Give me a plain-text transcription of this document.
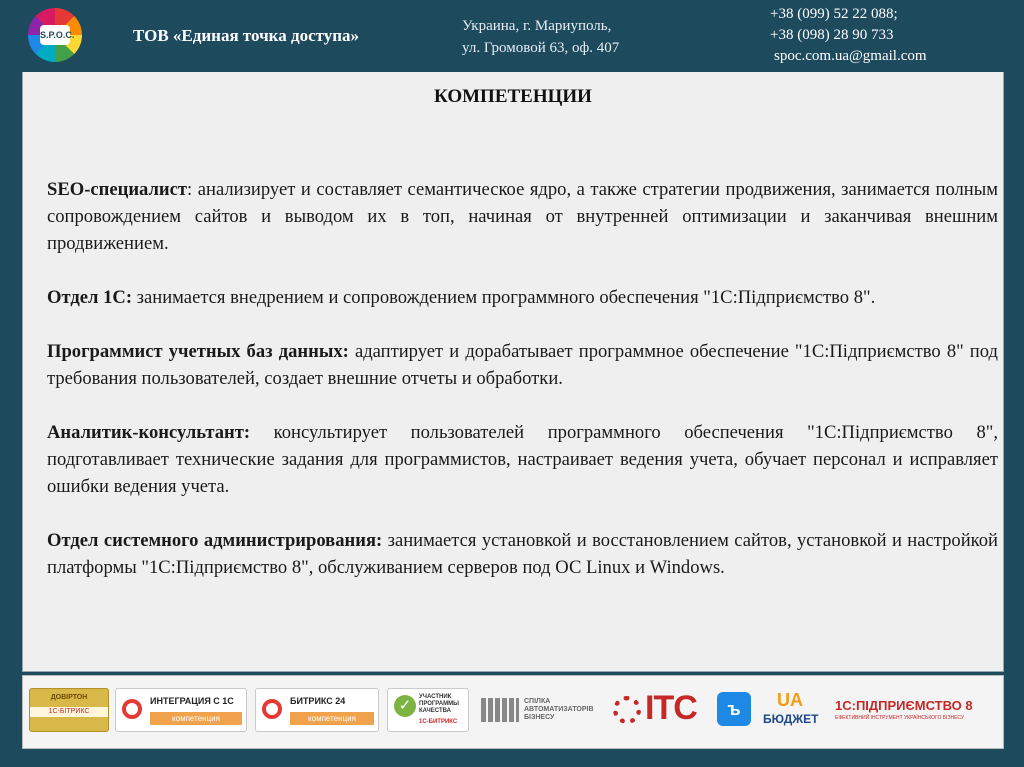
S.P.O.C.	ТОВ «Единая точка доступа»	Украина, г. Мариуполь,
ул. Громовой 63, оф. 407
+38 (099) 52 22 088;
+38 (098) 28 90 733
spoc.com.ua@gmail.com
КОМПЕТЕНЦИИ

SEO-специалист: анализирует и составляет семантическое ядро, а также стратегии продвижения, занимается полным сопровождением сайтов и выводом их в топ, начиная от внутренней оптимизации и заканчивая внешним продвижением.

Отдел 1С: занимается внедрением и сопровождением программного обеспечения "1С:Підприємство 8".

Программист учетных баз данных: адаптирует и дорабатывает программное обеспечение "1С:Підприємство 8" под требования пользователей, создает внешние отчеты и обработки.

Аналитик-консультант: консультирует пользователей программного обеспечения "1С:Підприємство 8", подготавливает технические задания для программистов, настраивает ведения учета, обучает персонал и исправляет ошибки ведения учета.

Отдел системного администрирования: занимается установкой и восстановлением сайтов, установкой и настройкой платформы "1С:Підприємство 8", обслуживанием серверов под ОС Linux и Windows.

ДОВІРТОН
1С-БІТРИКС
ИНТЕГРАЦИЯ С 1С
компетенция
БИТРИКС 24
компетенция
✓	УЧАСТНИК ПРОГРАММЫ КАЧЕСТВА
1С-БИТРИКС
СПІЛКА АВТОМАТИЗАТОРІВ БІЗНЕСУ	ITC	ъ	UA
БЮДЖЕТ
1С:ПІДПРИЄМСТВО 8
ЕФЕКТИВНИЙ ІНСТРУМЕНТ УКРАЇНСЬКОГО БІЗНЕСУ
